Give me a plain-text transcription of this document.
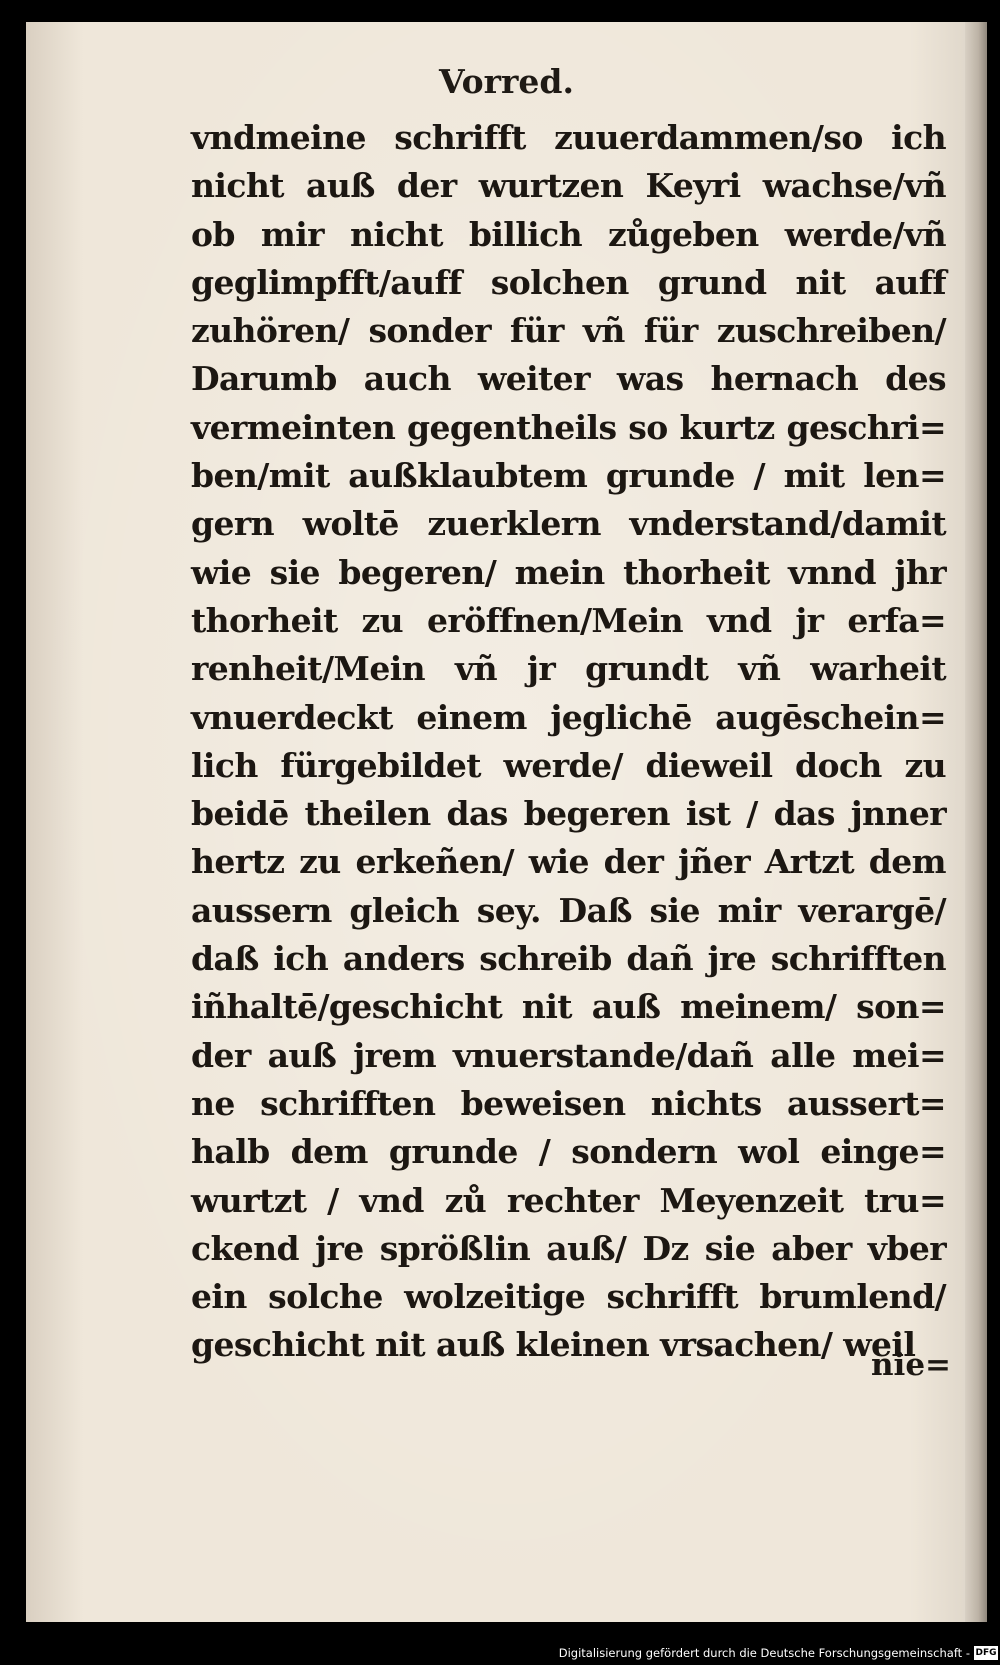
Vorred.
vndmeine schrifft zuuerdammen/so ich
nicht auß der wurtzen Keyri wachse/vñ
ob mir nicht billich zůgeben werde/vñ
geglimpfft/auff solchen grund nit auff
zuhören/ sonder für vñ für zuschreiben/
Darumb auch weiter was hernach des
vermeinten gegentheils so kurtz geschri=
ben/mit außklaubtem grunde / mit len=
gern woltē zuerklern vnderstand/damit
wie sie begeren/ mein thorheit vnnd jhr
thorheit zu eröffnen/Mein vnd jr erfa=
renheit/Mein vñ jr grundt vñ warheit
vnuerdeckt einem jeglichē augēschein=
lich fürgebildet werde/ dieweil doch zu
beidē theilen das begeren ist / das jnner
hertz zu erkeñen/ wie der jñer Artzt dem
aussern gleich sey. Daß sie mir verargē/
daß ich anders schreib dañ jre schrifften
iñhaltē/geschicht nit auß meinem/ son=
der auß jrem vnuerstande/dañ alle mei=
ne schrifften beweisen nichts aussert=
halb dem grunde / sondern wol einge=
wurtzt / vnd zů rechter Meyenzeit tru=
ckend jre sprößlin auß/ Dz sie aber vber
ein solche wolzeitige schrifft brumlend/
geschicht nit auß kleinen vrsachen/ weil
nie=
Digitalisierung gefördert durch die Deutsche Forschungsgemeinschaft - DFG
